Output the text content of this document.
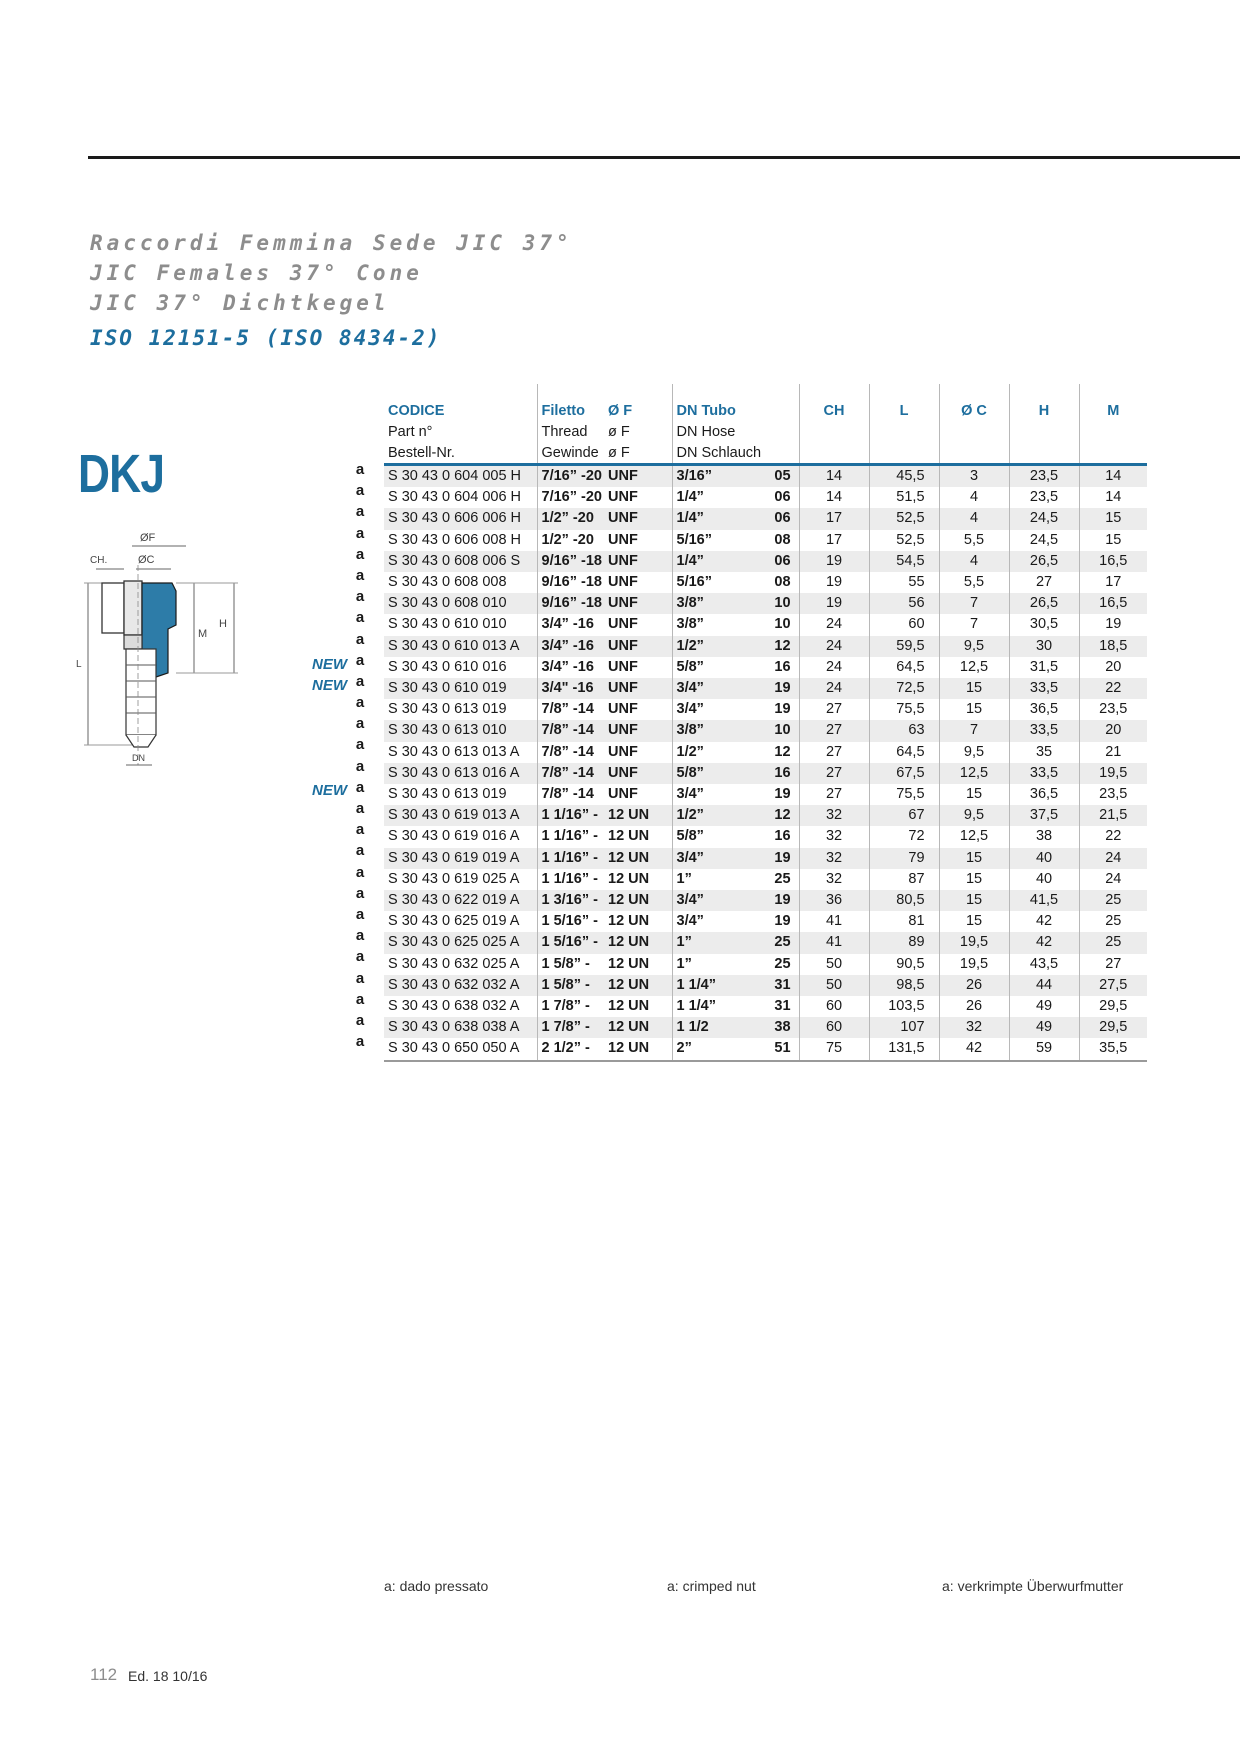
Raccordi Femmina Sede JIC 37°
JIC Females 37° Cone
JIC 37° Dichtkegel
ISO 12151-5 (ISO 8434-2)
DKJ
ØF
CH.	ØC
L
M
H
DN
NEW
NEW
NEW
a
a
a
a
a
a
a
a
a
a
a
a
a
a
a
a
a
a
a
a
a
a
a
a
a
a
a
a
CODICE	Filetto	Ø F	DN Tubo		CH	L	Ø C	H	M
Part n°	Thread	ø F	DN Hose						
Bestell-Nr.	Gewinde	ø F	DN Schlauch						
S 30 43 0 604 005 H	7/16” -20	UNF	3/16”	05	14	45,5	3	23,5	14
S 30 43 0 604 006 H	7/16” -20	UNF	1/4”	06	14	51,5	4	23,5	14
S 30 43 0 606 006 H	1/2” -20	UNF	1/4”	06	17	52,5	4	24,5	15
S 30 43 0 606 008 H	1/2” -20	UNF	5/16”	08	17	52,5	5,5	24,5	15
S 30 43 0 608 006 S	9/16” -18	UNF	1/4”	06	19	54,5	4	26,5	16,5
S 30 43 0 608 008	9/16” -18	UNF	5/16”	08	19	55	5,5	27	17
S 30 43 0 608 010	9/16” -18	UNF	3/8”	10	19	56	7	26,5	16,5
S 30 43 0 610 010	3/4” -16	UNF	3/8”	10	24	60	7	30,5	19
S 30 43 0 610 013 A	3/4” -16	UNF	1/2”	12	24	59,5	9,5	30	18,5
S 30 43 0 610 016	3/4” -16	UNF	5/8”	16	24	64,5	12,5	31,5	20
S 30 43 0 610 019	3/4" -16	UNF	3/4”	19	24	72,5	15	33,5	22
S 30 43 0 613 019	7/8” -14	UNF	3/4”	19	27	75,5	15	36,5	23,5
S 30 43 0 613 010	7/8” -14	UNF	3/8”	10	27	63	7	33,5	20
S 30 43 0 613 013 A	7/8” -14	UNF	1/2”	12	27	64,5	9,5	35	21
S 30 43 0 613 016 A	7/8” -14	UNF	5/8”	16	27	67,5	12,5	33,5	19,5
S 30 43 0 613 019	7/8” -14	UNF	3/4”	19	27	75,5	15	36,5	23,5
S 30 43 0 619 013 A	1 1/16” -	12 UN	1/2”	12	32	67	9,5	37,5	21,5
S 30 43 0 619 016 A	1 1/16” -	12 UN	5/8”	16	32	72	12,5	38	22
S 30 43 0 619 019 A	1 1/16” -	12 UN	3/4”	19	32	79	15	40	24
S 30 43 0 619 025 A	1 1/16” -	12 UN	1”	25	32	87	15	40	24
S 30 43 0 622 019 A	1 3/16” -	12 UN	3/4”	19	36	80,5	15	41,5	25
S 30 43 0 625 019 A	1 5/16” -	12 UN	3/4”	19	41	81	15	42	25
S 30 43 0 625 025 A	1 5/16” -	12 UN	1”	25	41	89	19,5	42	25
S 30 43 0 632 025 A	1 5/8” -	12 UN	1”	25	50	90,5	19,5	43,5	27
S 30 43 0 632 032 A	1 5/8” -	12 UN	1 1/4”	31	50	98,5	26	44	27,5
S 30 43 0 638 032 A	1 7/8” -	12 UN	1 1/4”	31	60	103,5	26	49	29,5
S 30 43 0 638 038 A	1 7/8” -	12 UN	1 1/2	38	60	107	32	49	29,5
S 30 43 0 650 050 A	2 1/2” -	12 UN	2”	51	75	131,5	42	59	35,5
a: dado pressato	a: crimped nut	a: verkrimpte Überwurfmutter
112 Ed. 18 10/16
